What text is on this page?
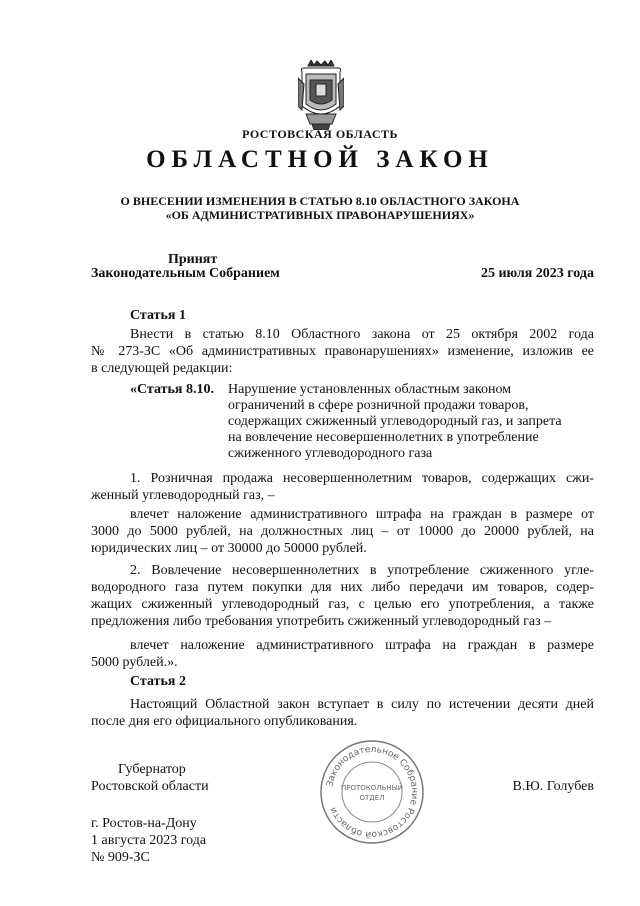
РОСТОВСКАЯ ОБЛАСТЬ
ОБЛАСТНОЙ ЗАКОН
О ВНЕСЕНИИ ИЗМЕНЕНИЯ В СТАТЬЮ 8.10 ОБЛАСТНОГО ЗАКОНА
«ОБ АДМИНИСТРАТИВНЫХ ПРАВОНАРУШЕНИЯХ»
Принят
Законодательным Собранием	25 июля 2023 года
Статья 1
Внести в статью 8.10 Областного закона от 25 октября 2002 года
№ 273-ЗС «Об административных правонарушениях» изменение, изложив ее
в следующей редакции:
«Статья 8.10. Нарушение установленных областным законом
ограничений в сфере розничной продажи товаров,
содержащих сжиженный углеводородный газ, и запрета
на вовлечение несовершеннолетних в употребление
сжиженного углеводородного газа
1. Розничная продажа несовершеннолетним товаров, содержащих сжи-
женный углеводородный газ, –
влечет наложение административного штрафа на граждан в размере от
3000 до 5000 рублей, на должностных лиц – от 10000 до 20000 рублей, на
юридических лиц – от 30000 до 50000 рублей.
2. Вовлечение несовершеннолетних в употребление сжиженного угле-
водородного газа путем покупки для них либо передачи им товаров, содер-
жащих сжиженный углеводородный газ, с целью его употребления, а также
предложения либо требования употребить сжиженный углеводородный газ –
влечет наложение административного штрафа на граждан в размере
5000 рублей.».
Статья 2
Настоящий Областной закон вступает в силу по истечении десяти дней
после дня его официального опубликования.
Губернатор
Ростовской области	В.Ю. Голубев
Законодательное Собрание Ростовской области
ПРОТОКОЛЬНЫЙ
ОТДЕЛ
г. Ростов-на-Дону
1 августа 2023 года
№ 909-ЗС
